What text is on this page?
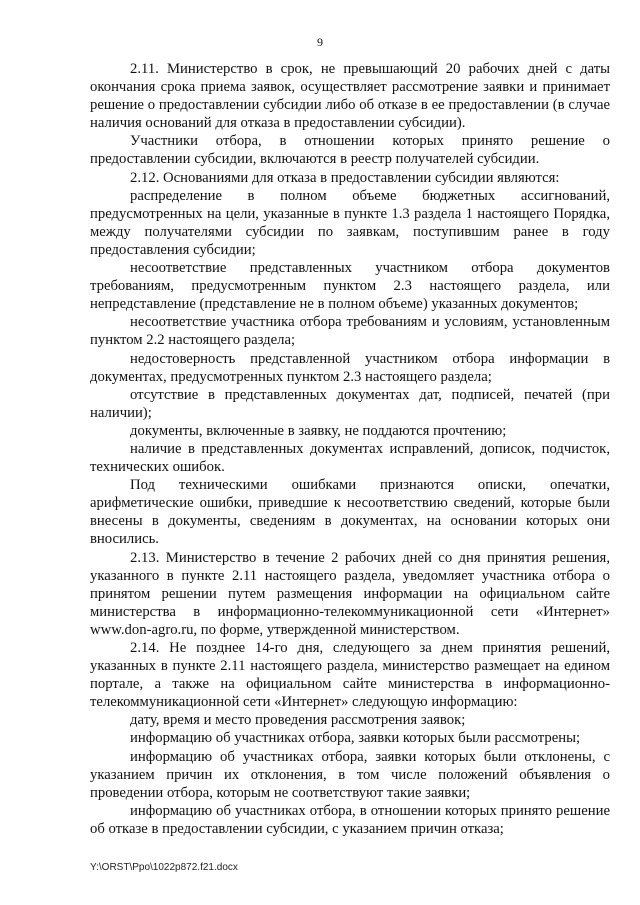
9

2.11. Министерство в срок, не превышающий 20 рабочих дней с даты окончания срока приема заявок, осуществляет рассмотрение заявки и принимает решение о предоставлении субсидии либо об отказе в ее предоставлении (в случае наличия оснований для отказа в предоставлении субсидии).

Участники отбора, в отношении которых принято решение о предоставлении субсидии, включаются в реестр получателей субсидии.

2.12. Основаниями для отказа в предоставлении субсидии являются:

распределение в полном объеме бюджетных ассигнований, предусмотренных на цели, указанные в пункте 1.3 раздела 1 настоящего Порядка, между получателями субсидии по заявкам, поступившим ранее в году предоставления субсидии;

несоответствие представленных участником отбора документов требованиям, предусмотренным пунктом 2.3 настоящего раздела, или непредставление (представление не в полном объеме) указанных документов;

несоответствие участника отбора требованиям и условиям, установленным пунктом 2.2 настоящего раздела;

недостоверность представленной участником отбора информации в документах, предусмотренных пунктом 2.3 настоящего раздела;

отсутствие в представленных документах дат, подписей, печатей (при наличии);

документы, включенные в заявку, не поддаются прочтению;

наличие в представленных документах исправлений, дописок, подчисток, технических ошибок.

Под техническими ошибками признаются описки, опечатки, арифметические ошибки, приведшие к несоответствию сведений, которые были внесены в документы, сведениям в документах, на основании которых они вносились.

2.13. Министерство в течение 2 рабочих дней со дня принятия решения, указанного в пункте 2.11 настоящего раздела, уведомляет участника отбора о принятом решении путем размещения информации на официальном сайте министерства в информационно-телекоммуникационной сети «Интернет» www.don-agro.ru, по форме, утвержденной министерством.

2.14. Не позднее 14-го дня, следующего за днем принятия решений, указанных в пункте 2.11 настоящего раздела, министерство размещает на едином портале, а также на официальном сайте министерства в информационно-телекоммуникационной сети «Интернет» следующую информацию:

дату, время и место проведения рассмотрения заявок;

информацию об участниках отбора, заявки которых были рассмотрены;

информацию об участниках отбора, заявки которых были отклонены, с указанием причин их отклонения, в том числе положений объявления о проведении отбора, которым не соответствуют такие заявки;

информацию об участниках отбора, в отношении которых принято решение об отказе в предоставлении субсидии, с указанием причин отказа;

Y:\ORST\Ppo\1022p872.f21.docx
